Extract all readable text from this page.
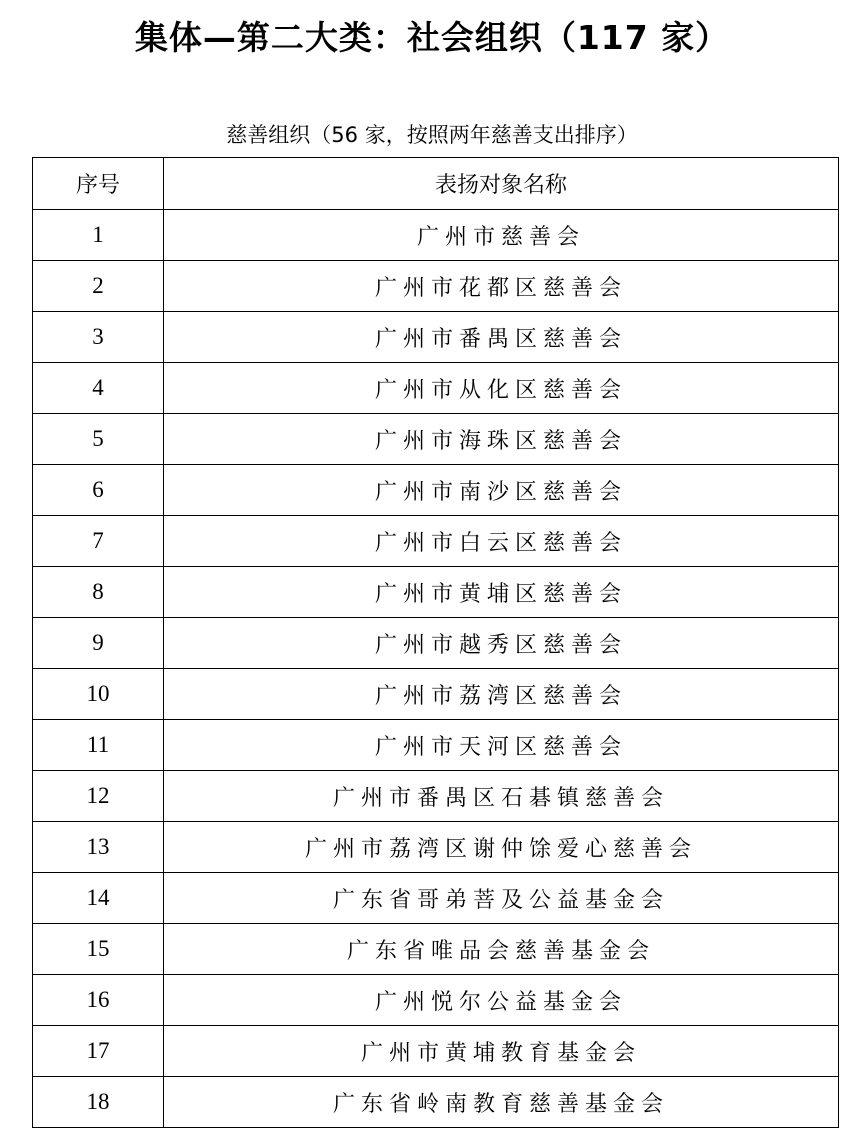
集体—第二大类：社会组织（117 家）
慈善组织（56 家，按照两年慈善支出排序）
序号	表扬对象名称
1	广州市慈善会
2	广州市花都区慈善会
3	广州市番禺区慈善会
4	广州市从化区慈善会
5	广州市海珠区慈善会
6	广州市南沙区慈善会
7	广州市白云区慈善会
8	广州市黄埔区慈善会
9	广州市越秀区慈善会
10	广州市荔湾区慈善会
11	广州市天河区慈善会
12	广州市番禺区石碁镇慈善会
13	广州市荔湾区谢仲馀爱心慈善会
14	广东省哥弟菩及公益基金会
15	广东省唯品会慈善基金会
16	广州悦尔公益基金会
17	广州市黄埔教育基金会
18	广东省岭南教育慈善基金会
